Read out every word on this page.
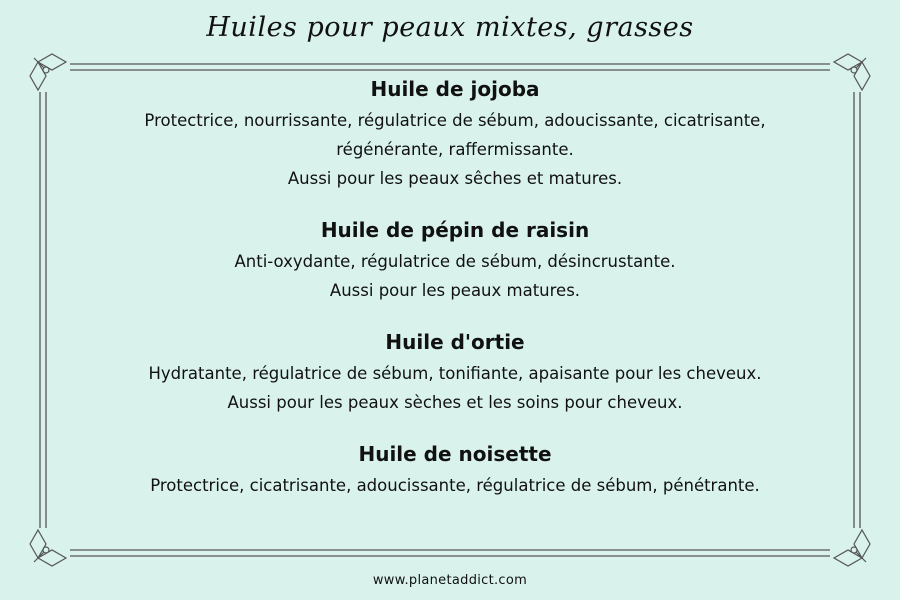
Huiles pour peaux mixtes, grasses
Huile de jojoba

Protectrice, nourrissante, régulatrice de sébum, adoucissante, cicatrisante,

régénérante, raffermissante.

Aussi pour les peaux sêches et matures.

Huile de pépin de raisin

Anti-oxydante, régulatrice de sébum, désincrustante.

Aussi pour les peaux matures.

Huile d'ortie

Hydratante, régulatrice de sébum, tonifiante, apaisante pour les cheveux.

Aussi pour les peaux sèches et les soins pour cheveux.

Huile de noisette

Protectrice, cicatrisante, adoucissante, régulatrice de sébum, pénétrante.

www.planetaddict.com
